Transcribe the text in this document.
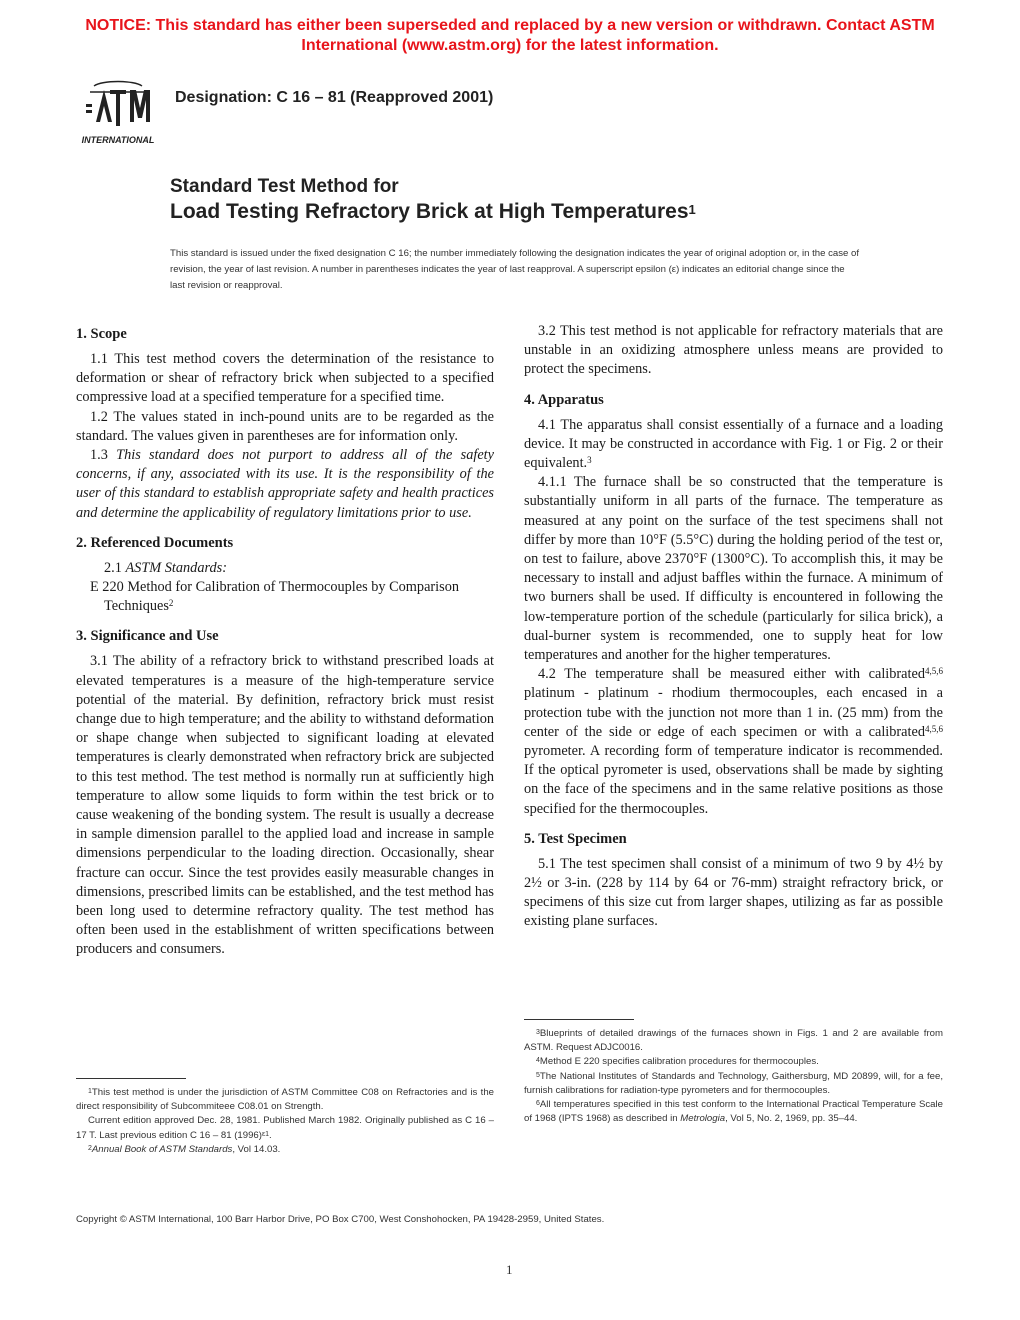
NOTICE: This standard has either been superseded and replaced by a new version or withdrawn. Contact ASTM International (www.astm.org) for the latest information.
INTERNATIONAL
Designation: C 16 – 81 (Reapproved 2001)
Standard Test Method for
Load Testing Refractory Brick at High Temperatures$^1$
This standard is issued under the fixed designation C 16; the number immediately following the designation indicates the year of original adoption or, in the case of revision, the year of last revision. A number in parentheses indicates the year of last reapproval. A superscript epsilon (ε) indicates an editorial change since the last revision or reapproval.
1. Scope

1.1 This test method covers the determination of the resistance to deformation or shear of refractory brick when subjected to a specified compressive load at a specified temperature for a specified time.

1.2 The values stated in inch-pound units are to be regarded as the standard. The values given in parentheses are for information only.

1.3 This standard does not purport to address all of the safety concerns, if any, associated with its use. It is the responsibility of the user of this standard to establish appropriate safety and health practices and determine the applicability of regulatory limitations prior to use.

2. Referenced Documents

2.1 ASTM Standards:

E 220 Method for Calibration of Thermocouples by Comparison Techniques$^2$

3. Significance and Use

3.1 The ability of a refractory brick to withstand prescribed loads at elevated temperatures is a measure of the high-temperature service potential of the material. By definition, refractory brick must resist change due to high temperature; and the ability to withstand deformation or shape change when subjected to significant loading at elevated temperatures is clearly demonstrated when refractory brick are subjected to this test method. The test method is normally run at sufficiently high temperature to allow some liquids to form within the test brick or to cause weakening of the bonding system. The result is usually a decrease in sample dimension parallel to the applied load and increase in sample dimensions perpendicular to the loading direction. Occasionally, shear fracture can occur. Since the test provides easily measurable changes in dimensions, prescribed limits can be established, and the test method has been long used to determine refractory quality. The test method has often been used in the establishment of written specifications between producers and consumers.

$^1$This test method is under the jurisdiction of ASTM Committee C08 on Refractories and is the direct responsibility of Subcommiteee C08.01 on Strength.

Current edition approved Dec. 28, 1981. Published March 1982. Originally published as C 16 – 17 T. Last previous edition C 16 – 81 $(1996)^{\varepsilon 1}$.

$^2$Annual Book of ASTM Standards, Vol 14.03.

3.2 This test method is not applicable for refractory materials that are unstable in an oxidizing atmosphere unless means are provided to protect the specimens.

4. Apparatus

4.1 The apparatus shall consist essentially of a furnace and a loading device. It may be constructed in accordance with Fig. 1 or Fig. 2 or their equivalent.$^3$

4.1.1 The furnace shall be so constructed that the temperature is substantially uniform in all parts of the furnace. The temperature as measured at any point on the surface of the test specimens shall not differ by more than 10°F (5.5°C) during the holding period of the test or, on test to failure, above 2370°F (1300°C). To accomplish this, it may be necessary to install and adjust baffles within the furnace. A minimum of two burners shall be used. If difficulty is encountered in following the low-temperature portion of the schedule (particularly for silica brick), a dual-burner system is recommended, one to supply heat for low temperatures and another for the higher temperatures.

4.2 The temperature shall be measured either with calibrated$^{4,5,6}$ platinum - platinum - rhodium thermocouples, each encased in a protection tube with the junction not more than 1 in. (25 mm) from the center of the side or edge of each specimen or with a calibrated$^{4,5,6}$ pyrometer. A recording form of temperature indicator is recommended. If the optical pyrometer is used, observations shall be made by sighting on the face of the specimens and in the same relative positions as those specified for the thermocouples.

5. Test Specimen

5.1 The test specimen shall consist of a minimum of two 9 by 4½ by 2½ or 3-in. (228 by 114 by 64 or 76-mm) straight refractory brick, or specimens of this size cut from larger shapes, utilizing as far as possible existing plane surfaces.

$^3$Blueprints of detailed drawings of the furnaces shown in Figs. 1 and 2 are available from ASTM. Request ADJC0016.

$^4$Method E 220 specifies calibration procedures for thermocouples.

$^5$The National Institutes of Standards and Technology, Gaithersburg, MD 20899, will, for a fee, furnish calibrations for radiation-type pyrometers and for thermocouples.

$^6$All temperatures specified in this test conform to the International Practical Temperature Scale of 1968 (IPTS 1968) as described in Metrologia, Vol 5, No. 2, 1969, pp. 35–44.

Copyright © ASTM International, 100 Barr Harbor Drive, PO Box C700, West Conshohocken, PA 19428-2959, United States.
1
